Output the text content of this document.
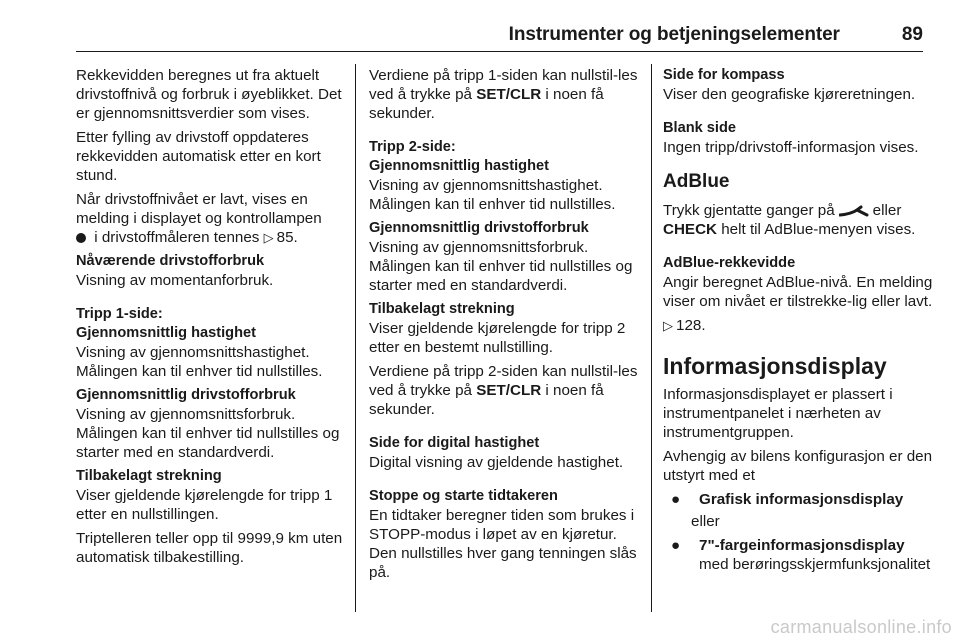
Instrumenter og betjeningselementer	89

Rekkevidden beregnes ut fra aktuelt drivstoffnivå og forbruk i øyeblikket. Det er gjennomsnittsverdier som vises.

Etter fylling av drivstoff oppdateres rekkevidden automatisk etter en kort stund.

Når drivstoffnivået er lavt, vises en melding i displayet og kontrollampen
i drivstoffmåleren tennes ▷ 85.

Nåværende drivstofforbruk

Visning av momentanforbruk.

Tripp 1-side:

Gjennomsnittlig hastighet

Visning av gjennomsnittshastighet. Målingen kan til enhver tid nullstilles.

Gjennomsnittlig drivstofforbruk

Visning av gjennomsnittsforbruk. Målingen kan til enhver tid nullstilles og starter med en standardverdi.

Tilbakelagt strekning

Viser gjeldende kjørelengde for tripp 1 etter en nullstillingen.

Triptelleren teller opp til 9999,9 km uten automatisk tilbakestilling.

Verdiene på tripp 1-siden kan nullstil-les ved å trykke på SET/CLR i noen få sekunder.

Tripp 2-side:

Gjennomsnittlig hastighet

Visning av gjennomsnittshastighet. Målingen kan til enhver tid nullstilles.

Gjennomsnittlig drivstofforbruk

Visning av gjennomsnittsforbruk. Målingen kan til enhver tid nullstilles og starter med en standardverdi.

Tilbakelagt strekning

Viser gjeldende kjørelengde for tripp 2 etter en bestemt nullstilling.

Verdiene på tripp 2-siden kan nullstil-les ved å trykke på SET/CLR i noen få sekunder.

Side for digital hastighet

Digital visning av gjeldende hastighet.

Stoppe og starte tidtakeren

En tidtaker beregner tiden som brukes i STOPP-modus i løpet av en kjøretur. Den nullstilles hver gang tenningen slås på.

Side for kompass

Viser den geografiske kjøreretningen.

Blank side

Ingen tripp/drivstoff-informasjon vises.

AdBlue

Trykk gjentatte ganger på	eller
CHECK helt til AdBlue-menyen vises.

AdBlue-rekkevidde

Angir beregnet AdBlue-nivå. En melding viser om nivået er tilstrekke-lig eller lavt.

▷ 128.

Informasjonsdisplay

Informasjonsdisplayet er plassert i instrumentpanelet i nærheten av instrumentgruppen.

Avhengig av bilens konfigurasjon er den utstyrt med et

●	Grafisk informasjonsdisplay

eller

●	7"-fargeinformasjonsdisplay med berøringsskjermfunksjonalitet
carmanualsonline.info
